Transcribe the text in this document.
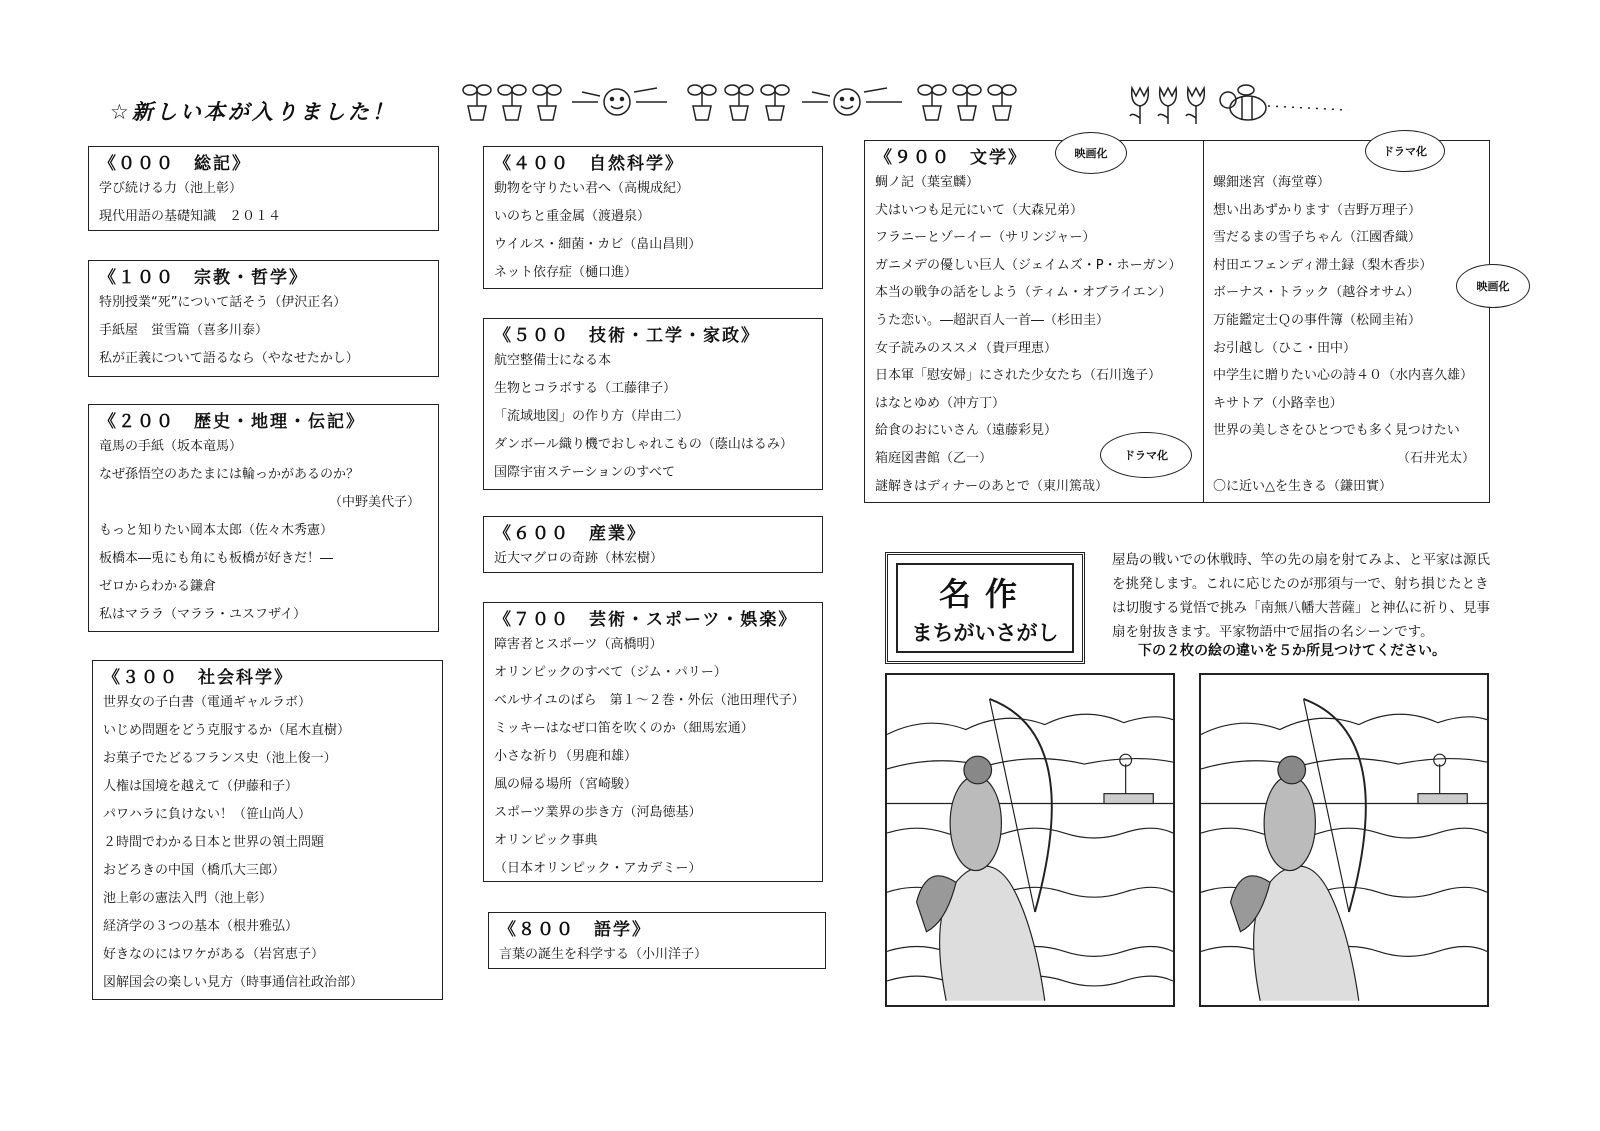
☆新しい本が入りました！
《０００　総記》
学び続ける力（池上彰）
現代用語の基礎知識　２０１４
《１００　宗教・哲学》
特別授業“死”について話そう（伊沢正名）
手紙屋　蛍雪篇（喜多川泰）
私が正義について語るなら（やなせたかし）
《２００　歴史・地理・伝記》
竜馬の手紙（坂本竜馬）
なぜ孫悟空のあたまには輪っかがあるのか？
（中野美代子）
もっと知りたい岡本太郎（佐々木秀憲）
板橋本―兎にも角にも板橋が好きだ！―
ゼロからわかる鎌倉
私はマララ（マララ・ユスフザイ）
《３００　社会科学》
世界女の子白書（電通ギャルラボ）
いじめ問題をどう克服するか（尾木直樹）
お菓子でたどるフランス史（池上俊一）
人権は国境を越えて（伊藤和子）
パワハラに負けない！（笹山尚人）
２時間でわかる日本と世界の領土問題
おどろきの中国（橋爪大三郎）
池上彰の憲法入門（池上彰）
経済学の３つの基本（根井雅弘）
好きなのにはワケがある（岩宮恵子）
図解国会の楽しい見方（時事通信社政治部）
《４００　自然科学》
動物を守りたい君へ（高槻成紀）
いのちと重金属（渡邉泉）
ウイルス・細菌・カビ（畠山昌則）
ネット依存症（樋口進）
《５００　技術・工学・家政》
航空整備士になる本
生物とコラボする（工藤律子）
「流域地図」の作り方（岸由二）
ダンボール織り機でおしゃれこもの（蔭山はるみ）
国際宇宙ステーションのすべて
《６００　産業》
近大マグロの奇跡（林宏樹）
《７００　芸術・スポーツ・娯楽》
障害者とスポーツ（高橋明）
オリンピックのすべて（ジム・パリー）
ベルサイユのばら　第１～２巻・外伝（池田理代子）
ミッキーはなぜ口笛を吹くのか（細馬宏通）
小さな祈り（男鹿和雄）
風の帰る場所（宮崎駿）
スポーツ業界の歩き方（河島徳基）
オリンピック事典
（日本オリンピック・アカデミー）
《８００　語学》
言葉の誕生を科学する（小川洋子）
《９００　文学》
蜩ノ記（葉室麟）
犬はいつも足元にいて（大森兄弟）
フラニーとゾーイー（サリンジャー）
ガニメデの優しい巨人（ジェイムズ・P・ホーガン）
本当の戦争の話をしよう（ティム・オブライエン）
うた恋い。―超訳百人一首―（杉田圭）
女子読みのススメ（貴戸理恵）
日本軍「慰安婦」にされた少女たち（石川逸子）
はなとゆめ（冲方丁）
給食のおにいさん（遠藤彩見）
箱庭図書館（乙一）
謎解きはディナーのあとで（東川篤哉）
螺鈿迷宮（海堂尊）
想い出あずかります（吉野万理子）
雪だるまの雪子ちゃん（江國香織）
村田エフェンディ滞土録（梨木香歩）
ボーナス・トラック（越谷オサム）
万能鑑定士Ｑの事件簿（松岡圭祐）
お引越し（ひこ・田中）
中学生に贈りたい心の詩４０（水内喜久雄）
キサトア（小路幸也）
世界の美しさをひとつでも多く見つけたい
（石井光太）
〇に近い△を生きる（鎌田實）
映画化	ドラマ化
ドラマ化
映画化
名作
まちがいさがし
屋島の戦いでの休戦時、竿の先の扇を射てみよ、と平家は源氏を挑発します。これに応じたのが那須与一で、射ち損じたときは切腹する覚悟で挑み「南無八幡大菩薩」と神仏に祈り、見事扇を射抜きます。平家物語中で屈指の名シーンです。
下の２枚の絵の違いを５か所見つけてください。
